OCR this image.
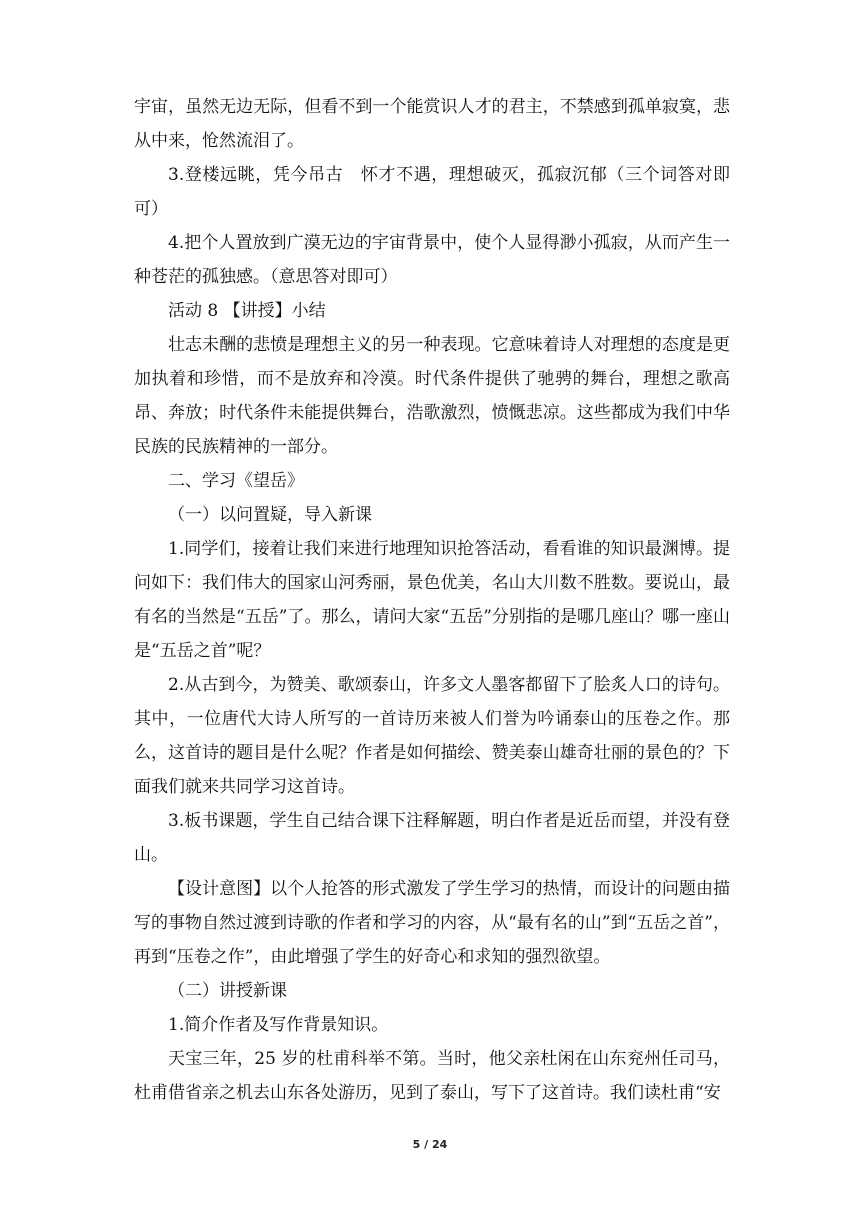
宇宙，虽然无边无际，但看不到一个能赏识人才的君主，不禁感到孤单寂寞，悲从中来，怆然流泪了。

3.登楼远眺，凭今吊古　怀才不遇，理想破灭，孤寂沉郁（三个词答对即可）

4.把个人置放到广漠无边的宇宙背景中，使个人显得渺小孤寂，从而产生一种苍茫的孤独感。（意思答对即可）

活动 8 【讲授】小结

壮志未酬的悲愤是理想主义的另一种表现。它意味着诗人对理想的态度是更加执着和珍惜，而不是放弃和冷漠。时代条件提供了驰骋的舞台，理想之歌高昂、奔放；时代条件未能提供舞台，浩歌激烈，愤慨悲凉。这些都成为我们中华民族的民族精神的一部分。

二、学习《望岳》

（一）以问置疑，导入新课

1.同学们，接着让我们来进行地理知识抢答活动，看看谁的知识最渊博。提问如下：我们伟大的国家山河秀丽，景色优美，名山大川数不胜数。要说山，最有名的当然是“五岳”了。那么，请问大家“五岳”分别指的是哪几座山？哪一座山是“五岳之首”呢？

2.从古到今，为赞美、歌颂泰山，许多文人墨客都留下了脍炙人口的诗句。其中，一位唐代大诗人所写的一首诗历来被人们誉为吟诵泰山的压卷之作。那么，这首诗的题目是什么呢？作者是如何描绘、赞美泰山雄奇壮丽的景色的？下面我们就来共同学习这首诗。

3.板书课题，学生自己结合课下注释解题，明白作者是近岳而望，并没有登山。

【设计意图】以个人抢答的形式激发了学生学习的热情，而设计的问题由描写的事物自然过渡到诗歌的作者和学习的内容，从“最有名的山”到“五岳之首”，再到“压卷之作”，由此增强了学生的好奇心和求知的强烈欲望。

（二）讲授新课

1.简介作者及写作背景知识。

天宝三年，25 岁的杜甫科举不第。当时，他父亲杜闲在山东兖州任司马，杜甫借省亲之机去山东各处游历，见到了泰山，写下了这首诗。我们读杜甫“安

5 / 24
